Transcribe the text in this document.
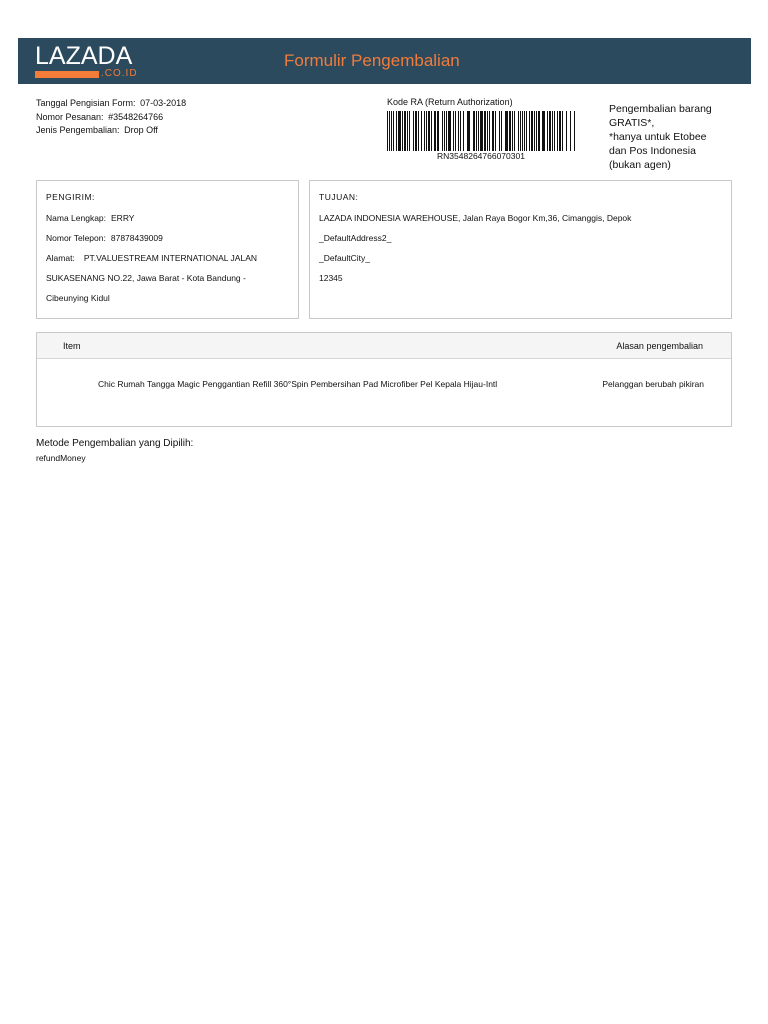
LAZADA
.CO.ID
Formulir Pengembalian
Tanggal Pengisian Form: 07-03-2018
Nomor Pesanan: #3548264766
Jenis Pengembalian: Drop Off
Kode RA (Return Authorization)
RN3548264766070301
Pengembalian barang
GRATIS*,
*hanya untuk Etobee
dan Pos Indonesia
(bukan agen)
PENGIRIM:
Nama Lengkap: ERRY
Nomor Telepon: 87878439009
Alamat: PT.VALUESTREAM INTERNATIONAL JALAN
SUKASENANG NO.22, Jawa Barat - Kota Bandung -
Cibeunying Kidul
TUJUAN:
LAZADA INDONESIA WAREHOUSE, Jalan Raya Bogor Km,36, Cimanggis, Depok
_DefaultAddress2_
_DefaultCity_
12345
Item	Alasan pengembalian
Chic Rumah Tangga Magic Penggantian Refill 360°Spin Pembersihan Pad Microfiber Pel Kepala Hijau-Intl	Pelanggan berubah pikiran
Metode Pengembalian yang Dipilih:
refundMoney
